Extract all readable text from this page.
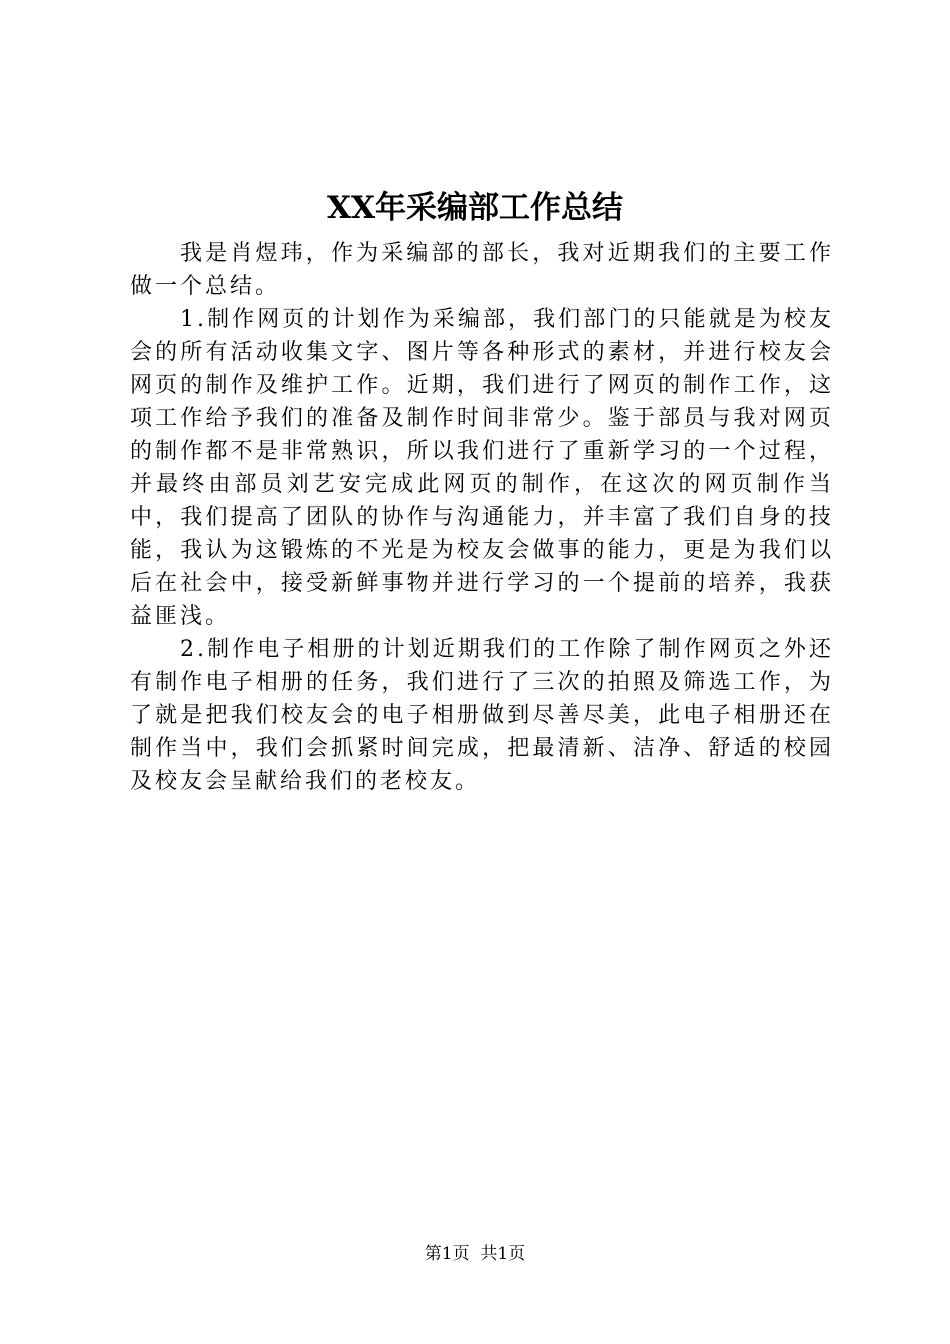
XX年采编部工作总结

我是肖煜玮，作为采编部的部长，我对近期我们的主要工作做一个总结。

1.制作网页的计划作为采编部，我们部门的只能就是为校友会的所有活动收集文字、图片等各种形式的素材，并进行校友会网页的制作及维护工作。近期，我们进行了网页的制作工作，这项工作给予我们的准备及制作时间非常少。鉴于部员与我对网页的制作都不是非常熟识，所以我们进行了重新学习的一个过程，并最终由部员刘艺安完成此网页的制作，在这次的网页制作当中，我们提高了团队的协作与沟通能力，并丰富了我们自身的技能，我认为这锻炼的不光是为校友会做事的能力，更是为我们以后在社会中，接受新鲜事物并进行学习的一个提前的培养，我获益匪浅。

2.制作电子相册的计划近期我们的工作除了制作网页之外还有制作电子相册的任务，我们进行了三次的拍照及筛选工作，为了就是把我们校友会的电子相册做到尽善尽美，此电子相册还在制作当中，我们会抓紧时间完成，把最清新、洁净、舒适的校园及校友会呈献给我们的老校友。

第1页  共1页
